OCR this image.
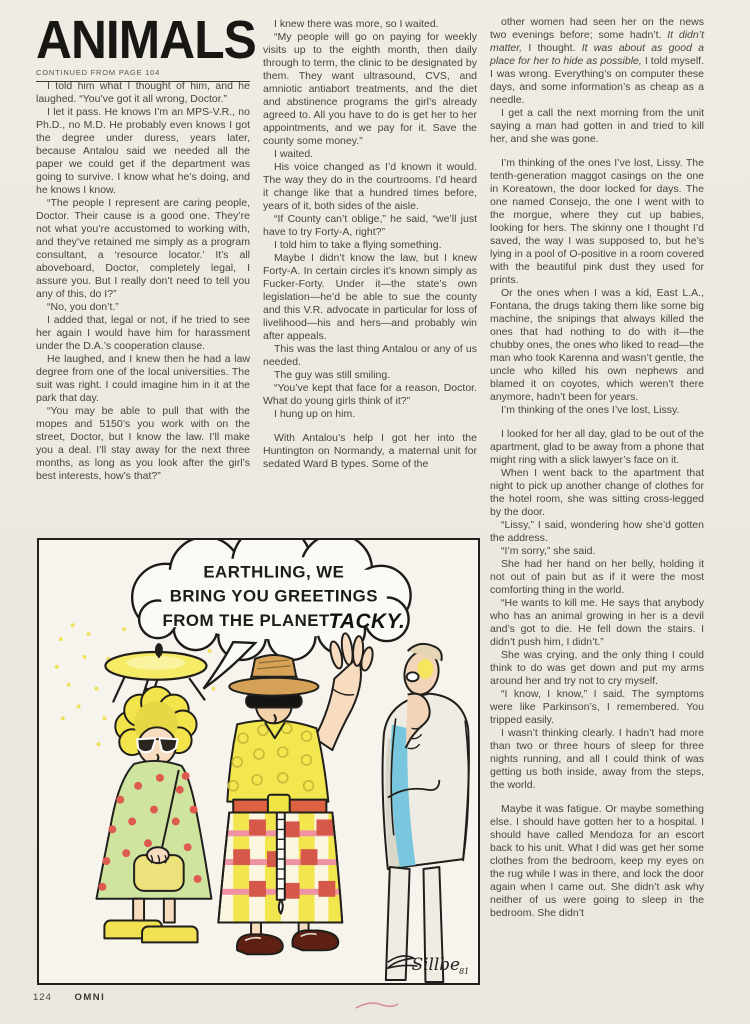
ANIMALS
CONTINUED FROM PAGE 104

I told him what I thought of him, and he laughed. “You’ve got it all wrong, Doctor.”

I let it pass. He knows I’m an MPS-V.R., no Ph.D., no M.D. He probably even knows I got the degree under duress, years later, because Antalou said we needed all the paper we could get if the department was going to survive. I know what he’s doing, and he knows I know.

“The people I represent are caring people, Doctor. Their cause is a good one. They’re not what you’re accustomed to working with, and they’ve retained me simply as a program consultant, a ‘resource locator.’ It’s all aboveboard, Doctor, completely legal, I assure you. But I really don’t need to tell you any of this, do I?”

“No, you don’t.”

I added that, legal or not, if he tried to see her again I would have him for harassment under the D.A.’s cooperation clause.

He laughed, and I knew then he had a law degree from one of the local universities. The suit was right. I could imagine him in it at the park that day.

“You may be able to pull that with the mopes and 5150’s you work with on the street, Doctor, but I know the law. I’ll make you a deal. I’ll stay away for the next three months, as long as you look after the girl’s best interests, how’s that?”

I knew there was more, so I waited.

“My people will go on paying for weekly visits up to the eighth month, then daily through to term, the clinic to be designated by them. They want ultrasound, CVS, and amniotic antiabort treatments, and the diet and abstinence programs the girl’s already agreed to. All you have to do is get her to her appointments, and we pay for it. Save the county some money.”

I waited.

His voice changed as I’d known it would. The way they do in the courtrooms. I’d heard it change like that a hundred times before, years of it, both sides of the aisle.

“If County can’t oblige,” he said, “we’ll just have to try Forty-A, right?”

I told him to take a flying something.

Maybe I didn’t know the law, but I knew Forty-A. In certain circles it’s known simply as Fucker-Forty. Under it—the state’s own legislation—he’d be able to sue the county and this V.R. advocate in particular for loss of livelihood—his and hers—and probably win after appeals.

This was the last thing Antalou or any of us needed.

The guy was still smiling.

“You’ve kept that face for a reason, Doctor. What do young girls think of it?”

I hung up on him.

With Antalou’s help I got her into the Huntington on Normandy, a maternal unit for sedated Ward B types. Some of the

other women had seen her on the news two evenings before; some hadn’t. It didn’t matter, I thought. It was about as good a place for her to hide as possible, I told myself. I was wrong. Everything’s on computer these days, and some information’s as cheap as a needle.

I get a call the next morning from the unit saying a man had gotten in and tried to kill her, and she was gone.

I’m thinking of the ones I’ve lost, Lissy. The tenth-generation maggot casings on the one in Koreatown, the door locked for days. The one named Consejo, the one I went with to the morgue, where they cut up babies, looking for hers. The skinny one I thought I’d saved, the way I was supposed to, but he’s lying in a pool of O-positive in a room covered with the beautiful pink dust they used for prints.

Or the ones when I was a kid, East L.A., Fontana, the drugs taking them like some big machine, the snipings that always killed the ones that had nothing to do with it—the chubby ones, the ones who liked to read—the man who took Karenna and wasn’t gentle, the uncle who killed his own nephews and blamed it on coyotes, which weren’t there anymore, hadn’t been for years.

I’m thinking of the ones I’ve lost, Lissy.

I looked for her all day, glad to be out of the apartment, glad to be away from a phone that might ring with a slick lawyer’s face on it.

When I went back to the apartment that night to pick up another change of clothes for the hotel room, she was sitting cross-legged by the door.

“Lissy,” I said, wondering how she’d gotten the address.

“I’m sorry,” she said.

She had her hand on her belly, holding it not out of pain but as if it were the most comforting thing in the world.

“He wants to kill me. He says that anybody who has an animal growing in her is a devil and’s got to die. He fell down the stairs. I didn’t push him, I didn’t.”

She was crying, and the only thing I could think to do was get down and put my arms around her and try not to cry myself.

“I know, I know,” I said. The symptoms were like Parkinson’s, I remembered. You tripped easily.

I wasn’t thinking clearly. I hadn’t had more than two or three hours of sleep for three nights running, and all I could think of was getting us both inside, away from the steps, the world.

Maybe it was fatigue. Or maybe something else. I should have gotten her to a hospital. I should have called Mendoza for an escort back to his unit. What I did was get her some clothes from the bedroom, keep my eyes on the rug while I was in there, and lock the door again when I came out. She didn’t ask why neither of us were going to sleep in the bedroom. She didn’t

EARTHLING, WE
BRING YOU GREETINGS
FROM THE PLANET
TACKY.
Sillbe 81
124 OMNI
